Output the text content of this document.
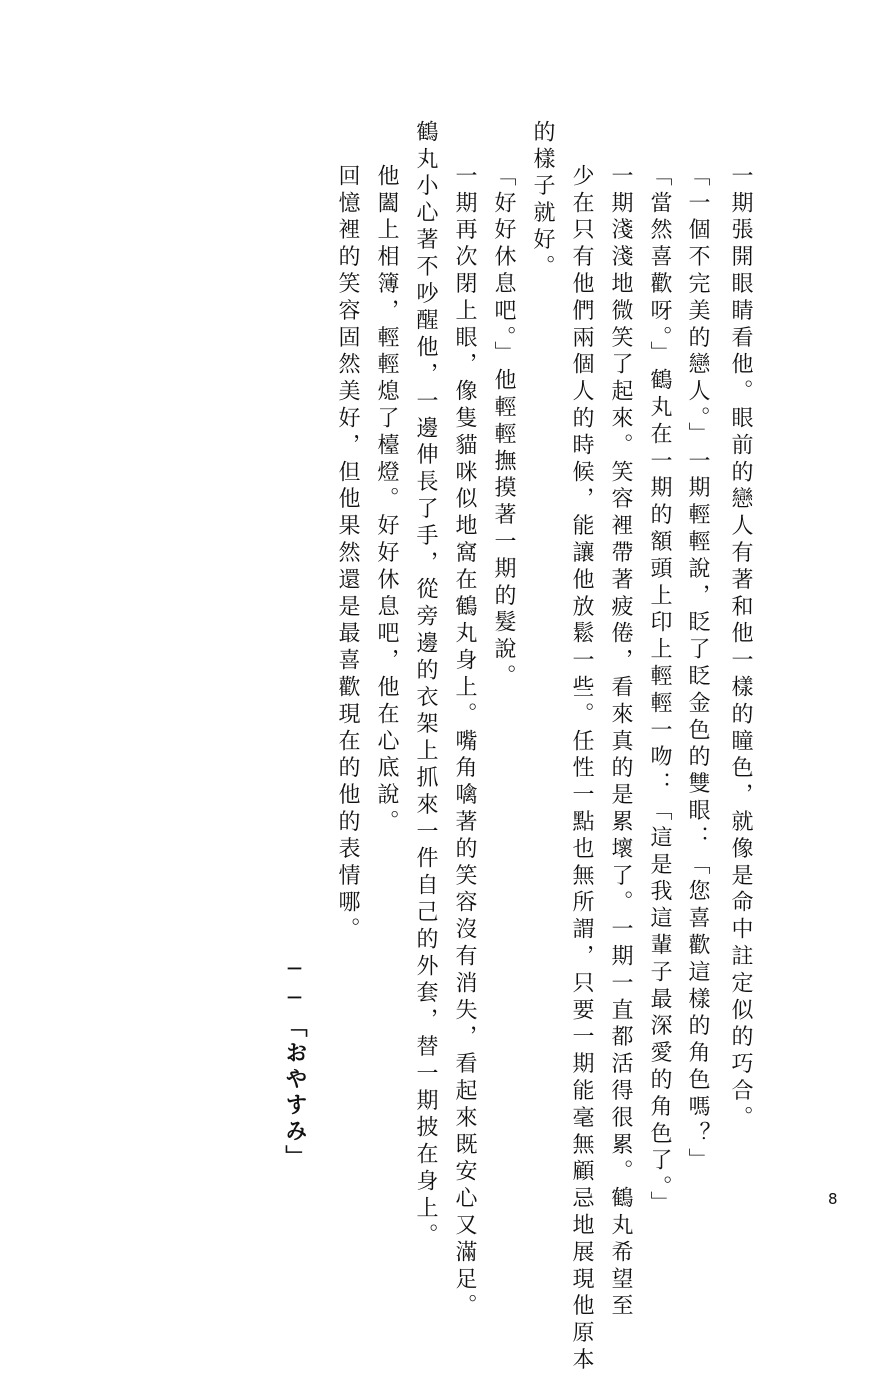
一期張開眼睛看他。眼前的戀人有著和他一樣的瞳色，就像是命中註定似的巧合。
「一個不完美的戀人。」一期輕輕說，眨了眨金色的雙眼：「您喜歡這樣的角色嗎？」
「當然喜歡呀。」鶴丸在一期的額頭上印上輕輕一吻：「這是我這輩子最深愛的角色了。」
一期淺淺地微笑了起來。笑容裡帶著疲倦，看來真的是累壞了。一期一直都活得很累。鶴丸希望至
少在只有他們兩個人的時候，能讓他放鬆一些。任性一點也無所謂，只要一期能毫無顧忌地展現他原本
的樣子就好。
「好好休息吧。」他輕輕撫摸著一期的髮說。
一期再次閉上眼，像隻貓咪似地窩在鶴丸身上。嘴角噙著的笑容沒有消失，看起來既安心又滿足。
鶴丸小心著不吵醒他，一邊伸長了手，從旁邊的衣架上抓來一件自己的外套，替一期披在身上。
他闔上相簿，輕輕熄了檯燈。好好休息吧，他在心底說。
回憶裡的笑容固然美好，但他果然還是最喜歡現在的他的表情哪。
──「おやすみ」
8
